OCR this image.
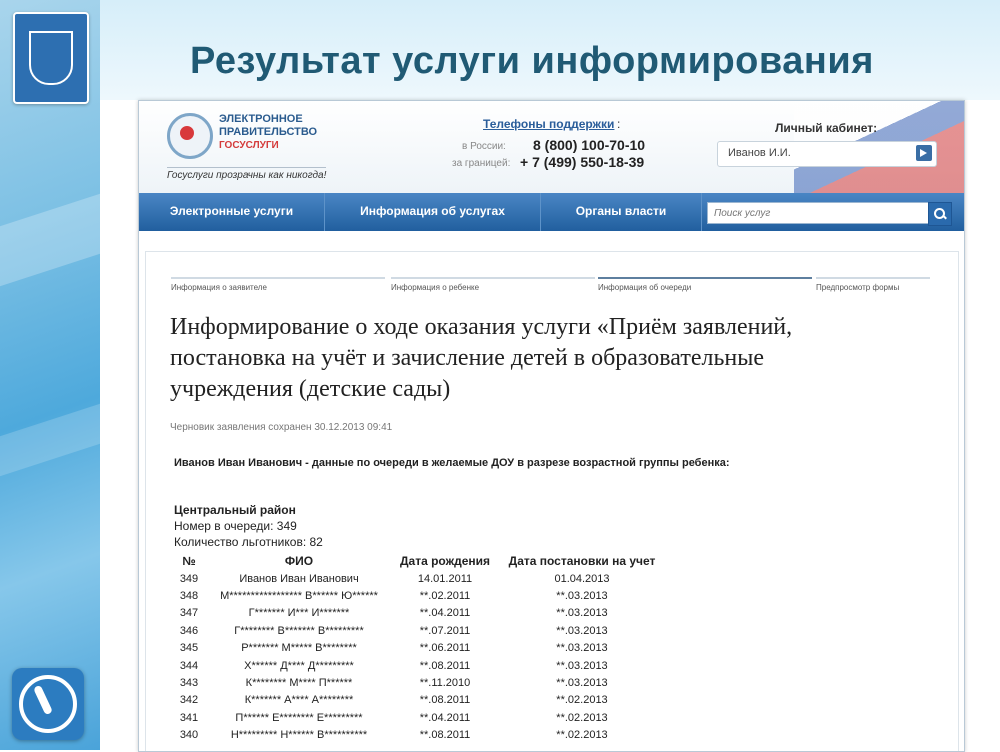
Результат услуги информирования
ЭЛЕКТРОННОЕ
ПРАВИТЕЛЬСТВО
ГОСУСЛУГИ
Госуслуги прозрачны как никогда!
Телефоны поддержки :
в России: 8 (800) 100-70-10
за границей: + 7 (499) 550-18-39
Личный кабинет:
Иванов И.И.
Электронные услуги	Информация об услугах	Органы власти
Поиск услуг
Информация о заявителе	Информация о ребенке	Информация об очереди	Предпросмотр формы
Информирование о ходе оказания услуги «Приём заявлений, постановка на учёт и зачисление детей в образовательные учреждения (детские сады)
Черновик заявления сохранен 30.12.2013 09:41
Иванов Иван Иванович - данные по очереди в желаемые ДОУ в разрезе возрастной группы ребенка:
Центральный район
Номер в очереди: 349
Количество льготников: 82
№	ФИО	Дата рождения	Дата постановки на учет
349	Иванов Иван Иванович	14.01.2011	01.04.2013
348	М***************** В****** Ю******	**.02.2011	**.03.2013
347	Г******* И*** И*******	**.04.2011	**.03.2013
346	Г******** В******* В*********	**.07.2011	**.03.2013
345	Р******* М***** В********	**.06.2011	**.03.2013
344	Х****** Д**** Д*********	**.08.2011	**.03.2013
343	К******** М**** П******	**.11.2010	**.03.2013
342	К******* А**** А********	**.08.2011	**.02.2013
341	П****** Е******** Е*********	**.04.2011	**.02.2013
340	Н********* Н****** В**********	**.08.2011	**.02.2013
